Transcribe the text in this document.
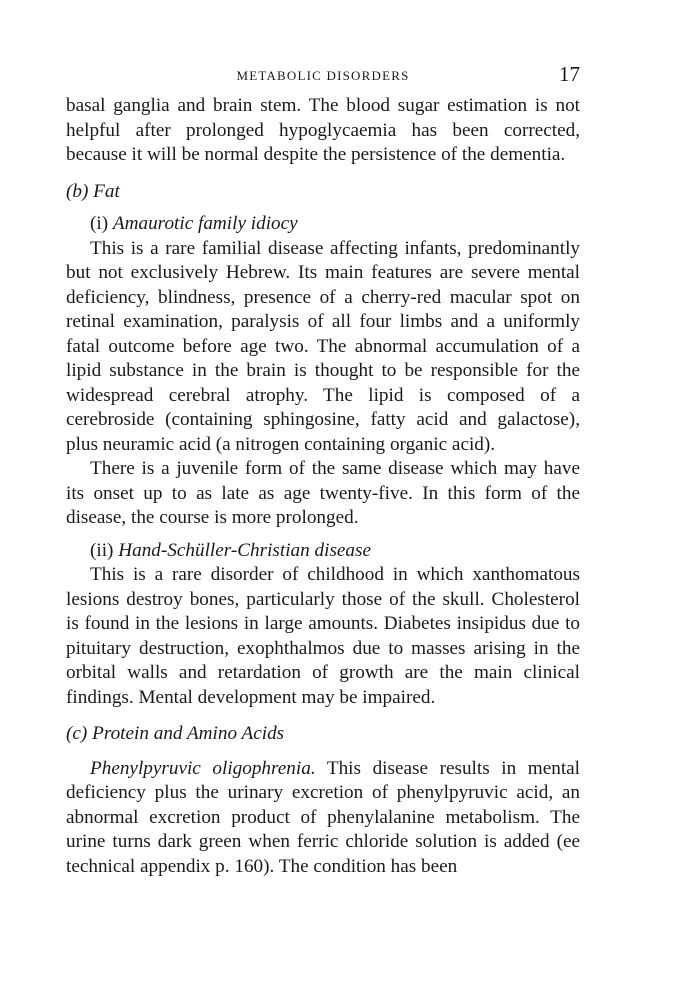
METABOLIC DISORDERS	17

basal ganglia and brain stem. The blood sugar estimation is not helpful after prolonged hypoglycaemia has been corrected, because it will be normal despite the persistence of the dementia.

(b) Fat
(i) Amaurotic family idiocy

This is a rare familial disease affecting infants, predominantly but not exclusively Hebrew. Its main features are severe mental deficiency, blindness, presence of a cherry-red macular spot on retinal examination, paralysis of all four limbs and a uniformly fatal outcome before age two. The abnormal accumulation of a lipid substance in the brain is thought to be responsible for the widespread cerebral atrophy. The lipid is composed of a cerebroside (containing sphingosine, fatty acid and galactose), plus neuramic acid (a nitrogen containing organic acid).

There is a juvenile form of the same disease which may have its onset up to as late as age twenty-five. In this form of the disease, the course is more prolonged.

(ii) Hand-Schüller-Christian disease

This is a rare disorder of childhood in which xanthomatous lesions destroy bones, particularly those of the skull. Cholesterol is found in the lesions in large amounts. Diabetes insipidus due to pituitary destruction, exophthalmos due to masses arising in the orbital walls and retardation of growth are the main clinical findings. Mental development may be impaired.

(c) Protein and Amino Acids

Phenylpyruvic oligophrenia. This disease results in mental deficiency plus the urinary excretion of phenylpyruvic acid, an abnormal excretion product of phenylalanine metabolism. The urine turns dark green when ferric chloride solution is added (ee technical appendix p. 160). The condition has been
